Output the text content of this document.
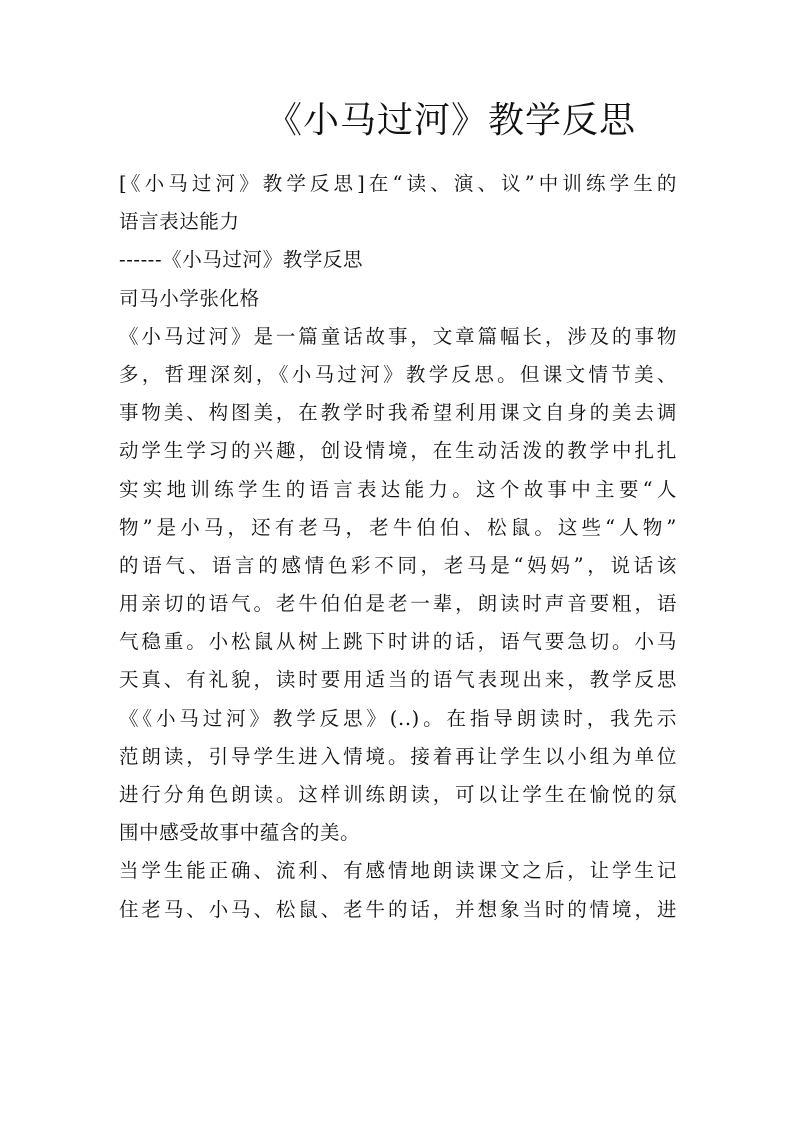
《小马过河》教学反思
[《小马过河》教学反思]在“读、演、议”中训练学生的
语言表达能力
------《小马过河》教学反思
司马小学张化格
《小马过河》是一篇童话故事，文章篇幅长，涉及的事物
多，哲理深刻，《小马过河》教学反思。但课文情节美、
事物美、构图美，在教学时我希望利用课文自身的美去调
动学生学习的兴趣，创设情境，在生动活泼的教学中扎扎
实实地训练学生的语言表达能力。这个故事中主要“人
物”是小马，还有老马，老牛伯伯、松鼠。这些“人物”
的语气、语言的感情色彩不同，老马是“妈妈”，说话该
用亲切的语气。老牛伯伯是老一辈，朗读时声音要粗，语
气稳重。小松鼠从树上跳下时讲的话，语气要急切。小马
天真、有礼貌，读时要用适当的语气表现出来，教学反思
《《小马过河》教学反思》(..)。在指导朗读时，我先示
范朗读，引导学生进入情境。接着再让学生以小组为单位
进行分角色朗读。这样训练朗读，可以让学生在愉悦的氛
围中感受故事中蕴含的美。
当学生能正确、流利、有感情地朗读课文之后，让学生记
住老马、小马、松鼠、老牛的话，并想象当时的情境，进
